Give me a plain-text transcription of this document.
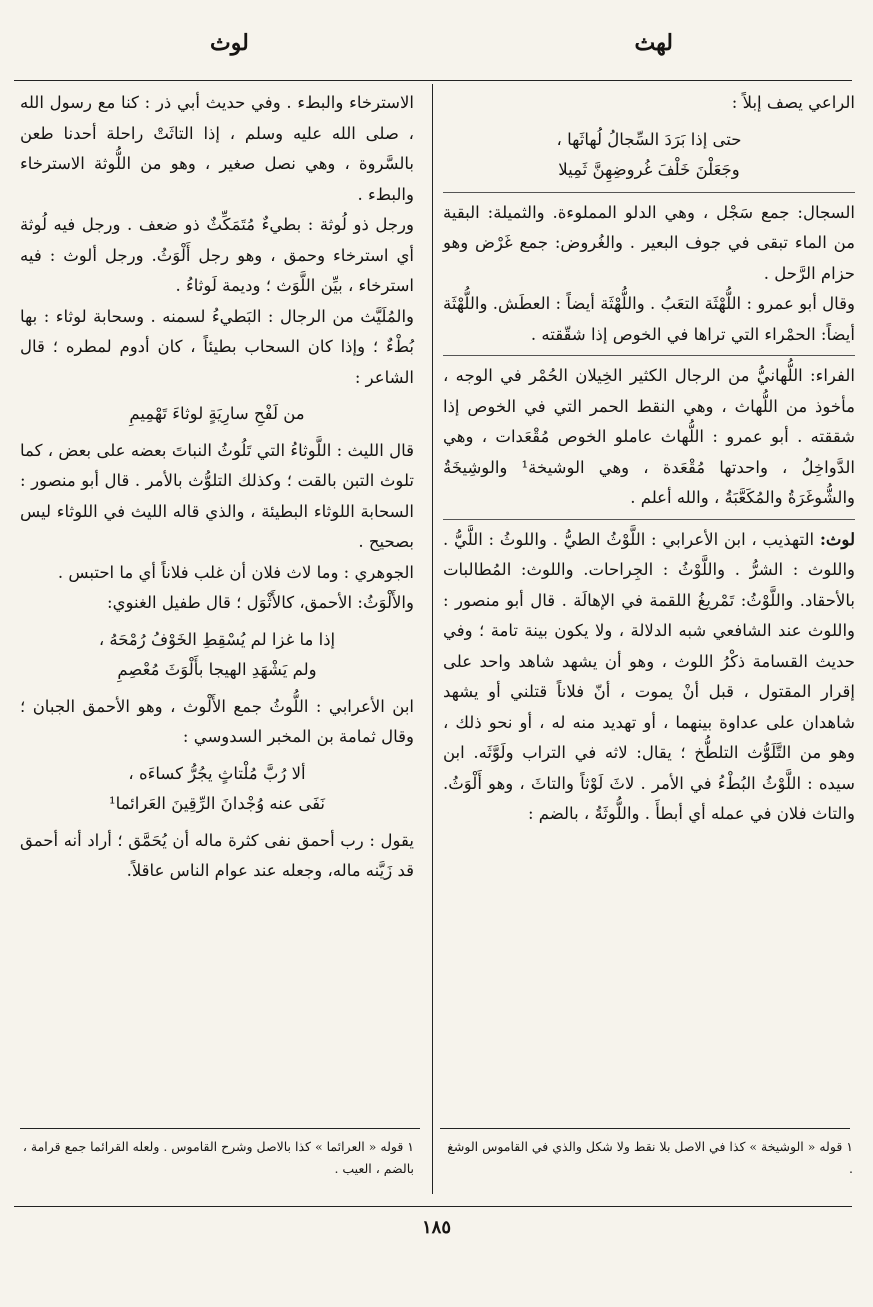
لهث
لوث

الراعي يصف إبلاً :

حتى إذا بَرَدَ السِّجالُ لُهاثَها ،
وجَعَلْنَ خَلْفَ غُروضِهِنَّ ثَمِيلا

السجال: جمع سَجْل ، وهي الدلو المملوءة. والثميلة: البقية من الماء تبقى في جوف البعير . والغُروض: جمع غَرْض وهو حزام الرَّحل .

وقال أبو عمرو : اللُّهْثَة التعَبُ . واللُّهْثَة أيضاً : العطَش. واللُّهْثَة أيضاً: الحمْراء التي تراها في الخوص إذا شقّقته .

الفراء: اللُّهانيُّ من الرجال الكثير الخِيلان الحُمْر في الوجه ، مأخوذ من اللُّهاث ، وهي النقط الحمر التي في الخوص إذا شققته . أبو عمرو : اللُّهاث عاملو الخوص مُقْعَدات ، وهي الدَّواخِلُ ، واحدتها مُقْعَدة ، وهي الوشيخة¹ والوشِيخَةُ والشُّوغَرَةُ والمُكَعَّبَةُ ، والله أعلم .

لوث: التهذيب ، ابن الأعرابي : اللَّوْثُ الطيُّ . واللوثُ : اللَّيُّ . واللوث : الشرُّ . واللَّوْثُ : الجِراحات. واللوث: المُطالبات بالأحقاد. واللَّوْثُ: تَمْريغُ اللقمة في الإهالَة . قال أبو منصور : واللوث عند الشافعي شبه الدلالة ، ولا يكون بينة تامة ؛ وفي حديث القسامة ذكْرُ اللوث ، وهو أن يشهد شاهد واحد على إقرار المقتول ، قبل أنْ يموت ، أنّ فلاناً قتلني أو يشهد شاهدان على عداوة بينهما ، أو تهديد منه له ، أو نحو ذلك ، وهو من التَّلَوُّث التلطُّخ ؛ يقال: لاثه في التراب ولَوَّثَه. ابن سيده : اللَّوْثُ البُطْءُ في الأمر . لاثَ لَوْثاً والتاثَ ، وهو أَلْوَثُ. والتاث فلان في عمله أي أبطأَ . واللُّوثَةُ ، بالضم :

الاسترخاء والبطء . وفي حديث أبي ذر : كنا مع رسول الله ، صلى الله عليه وسلم ، إذا التاثَتْ راحلة أحدنا طعن بالسَّروة ، وهي نصل صغير ، وهو من اللُّوثة الاسترخاء والبطء .

ورجل ذو لُوثة : بطيءٌ مُتَمَكِّثٌ ذو ضعف . ورجل فيه لُوثة أي استرخاء وحمق ، وهو رجل أَلْوَثُ. ورجل ألوث : فيه استرخاء ، بيِّن اللَّوَث ؛ وديمة لَوثاءُ .

والمُلَيَّث من الرجال : البَطيءُ لسمنه . وسحابة لوثاء : بها بُطْءٌ ؛ وإذا كان السحاب بطيئاً ، كان أدوم لمطره ؛ قال الشاعر :

من لَفْحِ سارِيَةٍ لوثاءَ تَهْمِيمِ

قال الليث : اللَّوثاءُ التي تَلُوثُ النباتَ بعضه على بعض ، كما تلوث التبن بالقت ؛ وكذلك التلوُّث بالأمر . قال أبو منصور : السحابة اللوثاء البطيئة ، والذي قاله الليث في اللوثاء ليس بصحيح .

الجوهري : وما لاث فلان أن غلب فلاناً أي ما احتبس .

والأَلْوَثُ: الأحمق، كالأَثْوَل ؛ قال طفيل الغنوي:

إذا ما غزا لم يُسْقِطِ الخَوْفُ رُمْحَهُ ،
ولم يَشْهَدِ الهيجا بأَلْوَثَ مُعْصِمِ

ابن الأعرابي : اللُّوثُ جمع الأَلْوث ، وهو الأحمق الجبان ؛ وقال ثمامة بن المخبر السدوسي :

ألا رُبَّ مُلْتاثٍ يجُرُّ كساءَه ،
نَفَى عنه وُجْدانَ الرِّقِينَ العَرائما¹

يقول : رب أحمق نفى كثرة ماله أن يُحَمَّق ؛ أراد أنه أحمق قد زَيَّنه ماله، وجعله عند عوام الناس عاقلاً.

١ قوله « الوشيخة » كذا في الاصل بلا نقط ولا شكل والذي في القاموس الوشغ .
١ قوله « العرائما » كذا بالاصل وشرح القاموس . ولعله القرائما جمع قرامة ، بالضم ، العيب .
١٨٥
